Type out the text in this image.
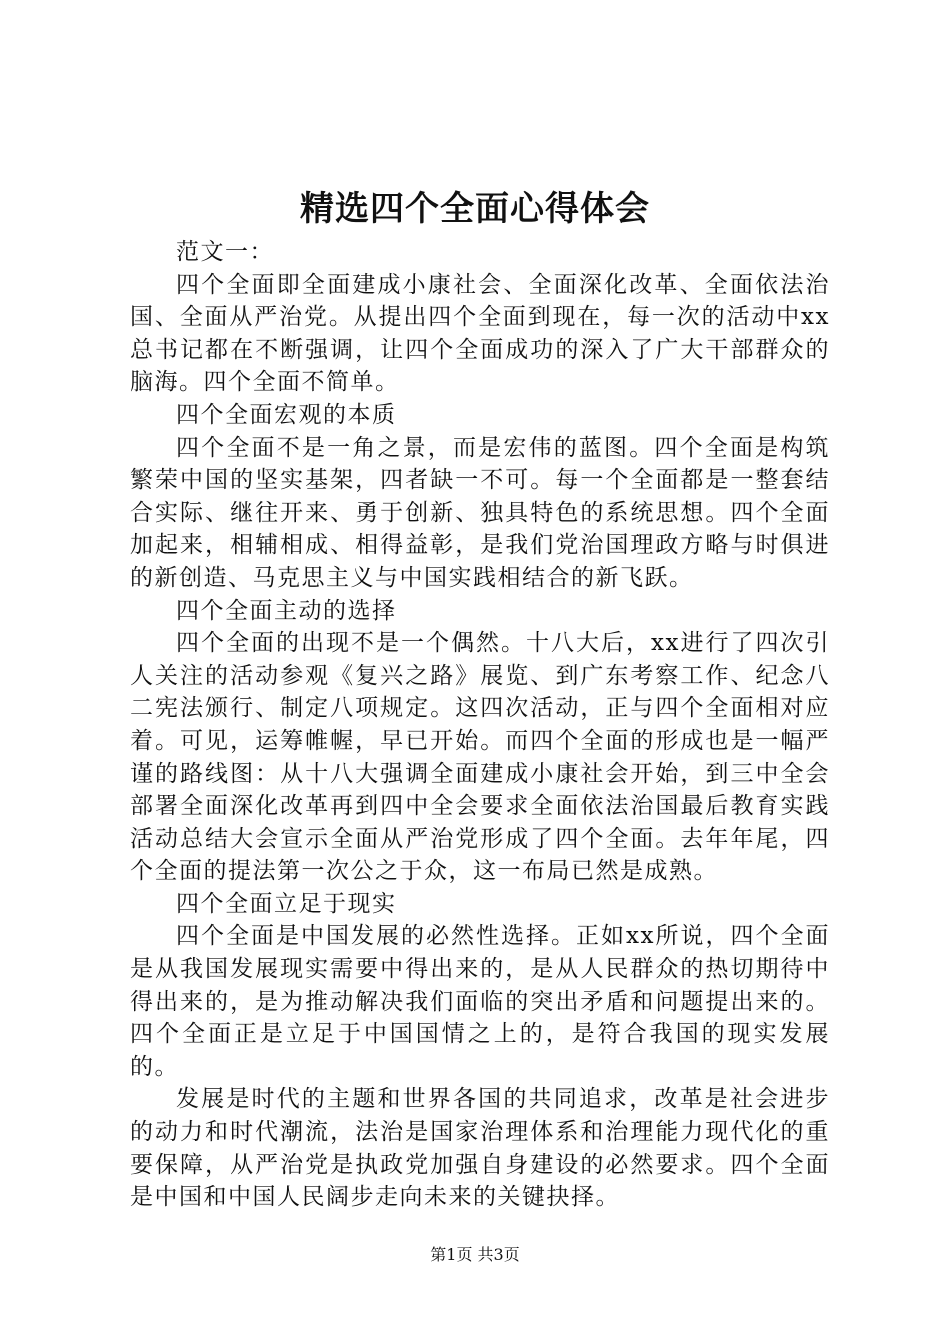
精选四个全面心得体会

范文一：

四个全面即全面建成小康社会、全面深化改革、全面依法治国、全面从严治党。从提出四个全面到现在，每一次的活动中xx总书记都在不断强调，让四个全面成功的深入了广大干部群众的脑海。四个全面不简单。

四个全面宏观的本质

四个全面不是一角之景，而是宏伟的蓝图。四个全面是构筑繁荣中国的坚实基架，四者缺一不可。每一个全面都是一整套结合实际、继往开来、勇于创新、独具特色的系统思想。四个全面加起来，相辅相成、相得益彰，是我们党治国理政方略与时俱进的新创造、马克思主义与中国实践相结合的新飞跃。

四个全面主动的选择

四个全面的出现不是一个偶然。十八大后，xx进行了四次引人关注的活动参观《复兴之路》展览、到广东考察工作、纪念八二宪法颁行、制定八项规定。这四次活动，正与四个全面相对应着。可见，运筹帷幄，早已开始。而四个全面的形成也是一幅严谨的路线图：从十八大强调全面建成小康社会开始，到三中全会部署全面深化改革再到四中全会要求全面依法治国最后教育实践活动总结大会宣示全面从严治党形成了四个全面。去年年尾，四个全面的提法第一次公之于众，这一布局已然是成熟。

四个全面立足于现实

四个全面是中国发展的必然性选择。正如xx所说，四个全面是从我国发展现实需要中得出来的，是从人民群众的热切期待中得出来的，是为推动解决我们面临的突出矛盾和问题提出来的。四个全面正是立足于中国国情之上的，是符合我国的现实发展的。

发展是时代的主题和世界各国的共同追求，改革是社会进步的动力和时代潮流，法治是国家治理体系和治理能力现代化的重要保障，从严治党是执政党加强自身建设的必然要求。四个全面是中国和中国人民阔步走向未来的关键抉择。

第1页 共3页
